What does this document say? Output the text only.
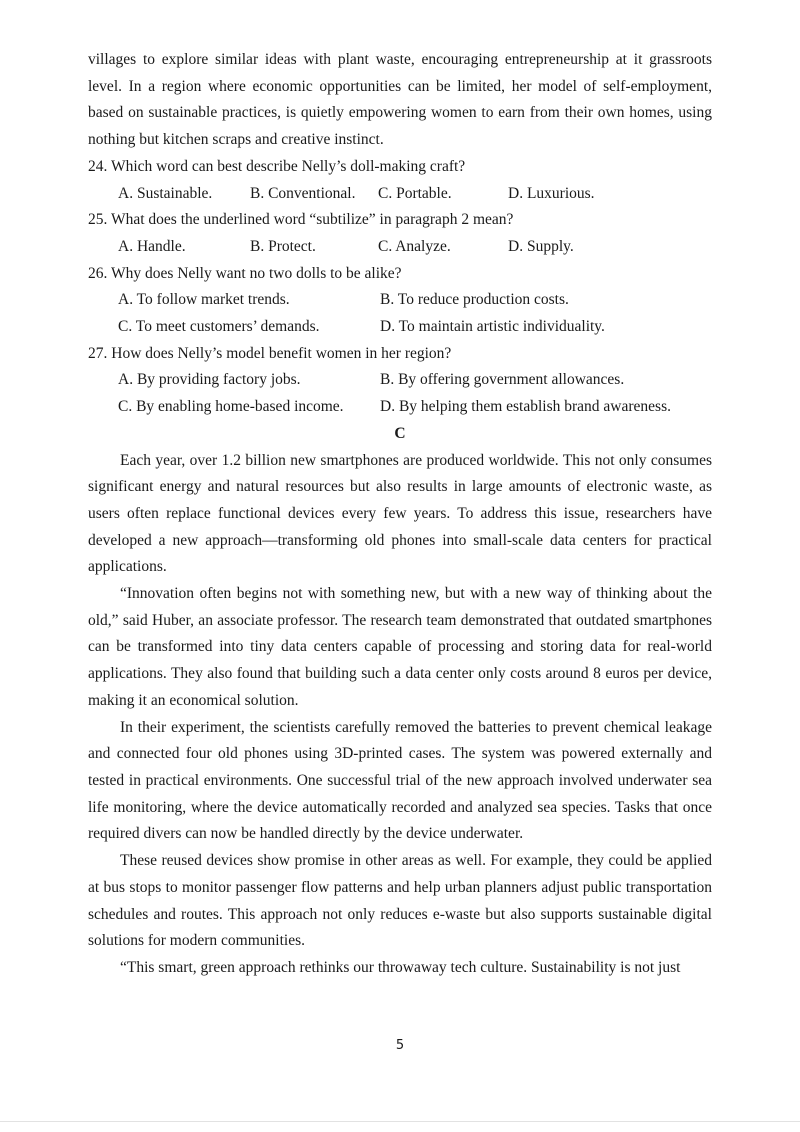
villages to explore similar ideas with plant waste, encouraging entrepreneurship at it grassroots level. In a region where economic opportunities can be limited, her model of self-employment, based on sustainable practices, is quietly empowering women to earn from their own homes, using nothing but kitchen scraps and creative instinct.

24. Which word can best describe Nelly’s doll-making craft?

A. Sustainable.	B. Conventional.	C. Portable.	D. Luxurious.

25. What does the underlined word “subtilize” in paragraph 2 mean?

A. Handle.	B. Protect.	C. Analyze.	D. Supply.

26. Why does Nelly want no two dolls to be alike?

A. To follow market trends.	B. To reduce production costs.
C. To meet customers’ demands.	D. To maintain artistic individuality.

27. How does Nelly’s model benefit women in her region?

A. By providing factory jobs.	B. By offering government allowances.
C. By enabling home-based income.	D. By helping them establish brand awareness.

C

Each year, over 1.2 billion new smartphones are produced worldwide. This not only consumes significant energy and natural resources but also results in large amounts of electronic waste, as users often replace functional devices every few years. To address this issue, researchers have developed a new approach—transforming old phones into small-scale data centers for practical applications.

“Innovation often begins not with something new, but with a new way of thinking about the old,” said Huber, an associate professor. The research team demonstrated that outdated smartphones can be transformed into tiny data centers capable of processing and storing data for real-world applications. They also found that building such a data center only costs around 8 euros per device, making it an economical solution.

In their experiment, the scientists carefully removed the batteries to prevent chemical leakage and connected four old phones using 3D-printed cases. The system was powered externally and tested in practical environments. One successful trial of the new approach involved underwater sea life monitoring, where the device automatically recorded and analyzed sea species. Tasks that once required divers can now be handled directly by the device underwater.

These reused devices show promise in other areas as well. For example, they could be applied at bus stops to monitor passenger flow patterns and help urban planners adjust public transportation schedules and routes. This approach not only reduces e-waste but also supports sustainable digital solutions for modern communities.

“This smart, green approach rethinks our throwaway tech culture. Sustainability is not just

5
